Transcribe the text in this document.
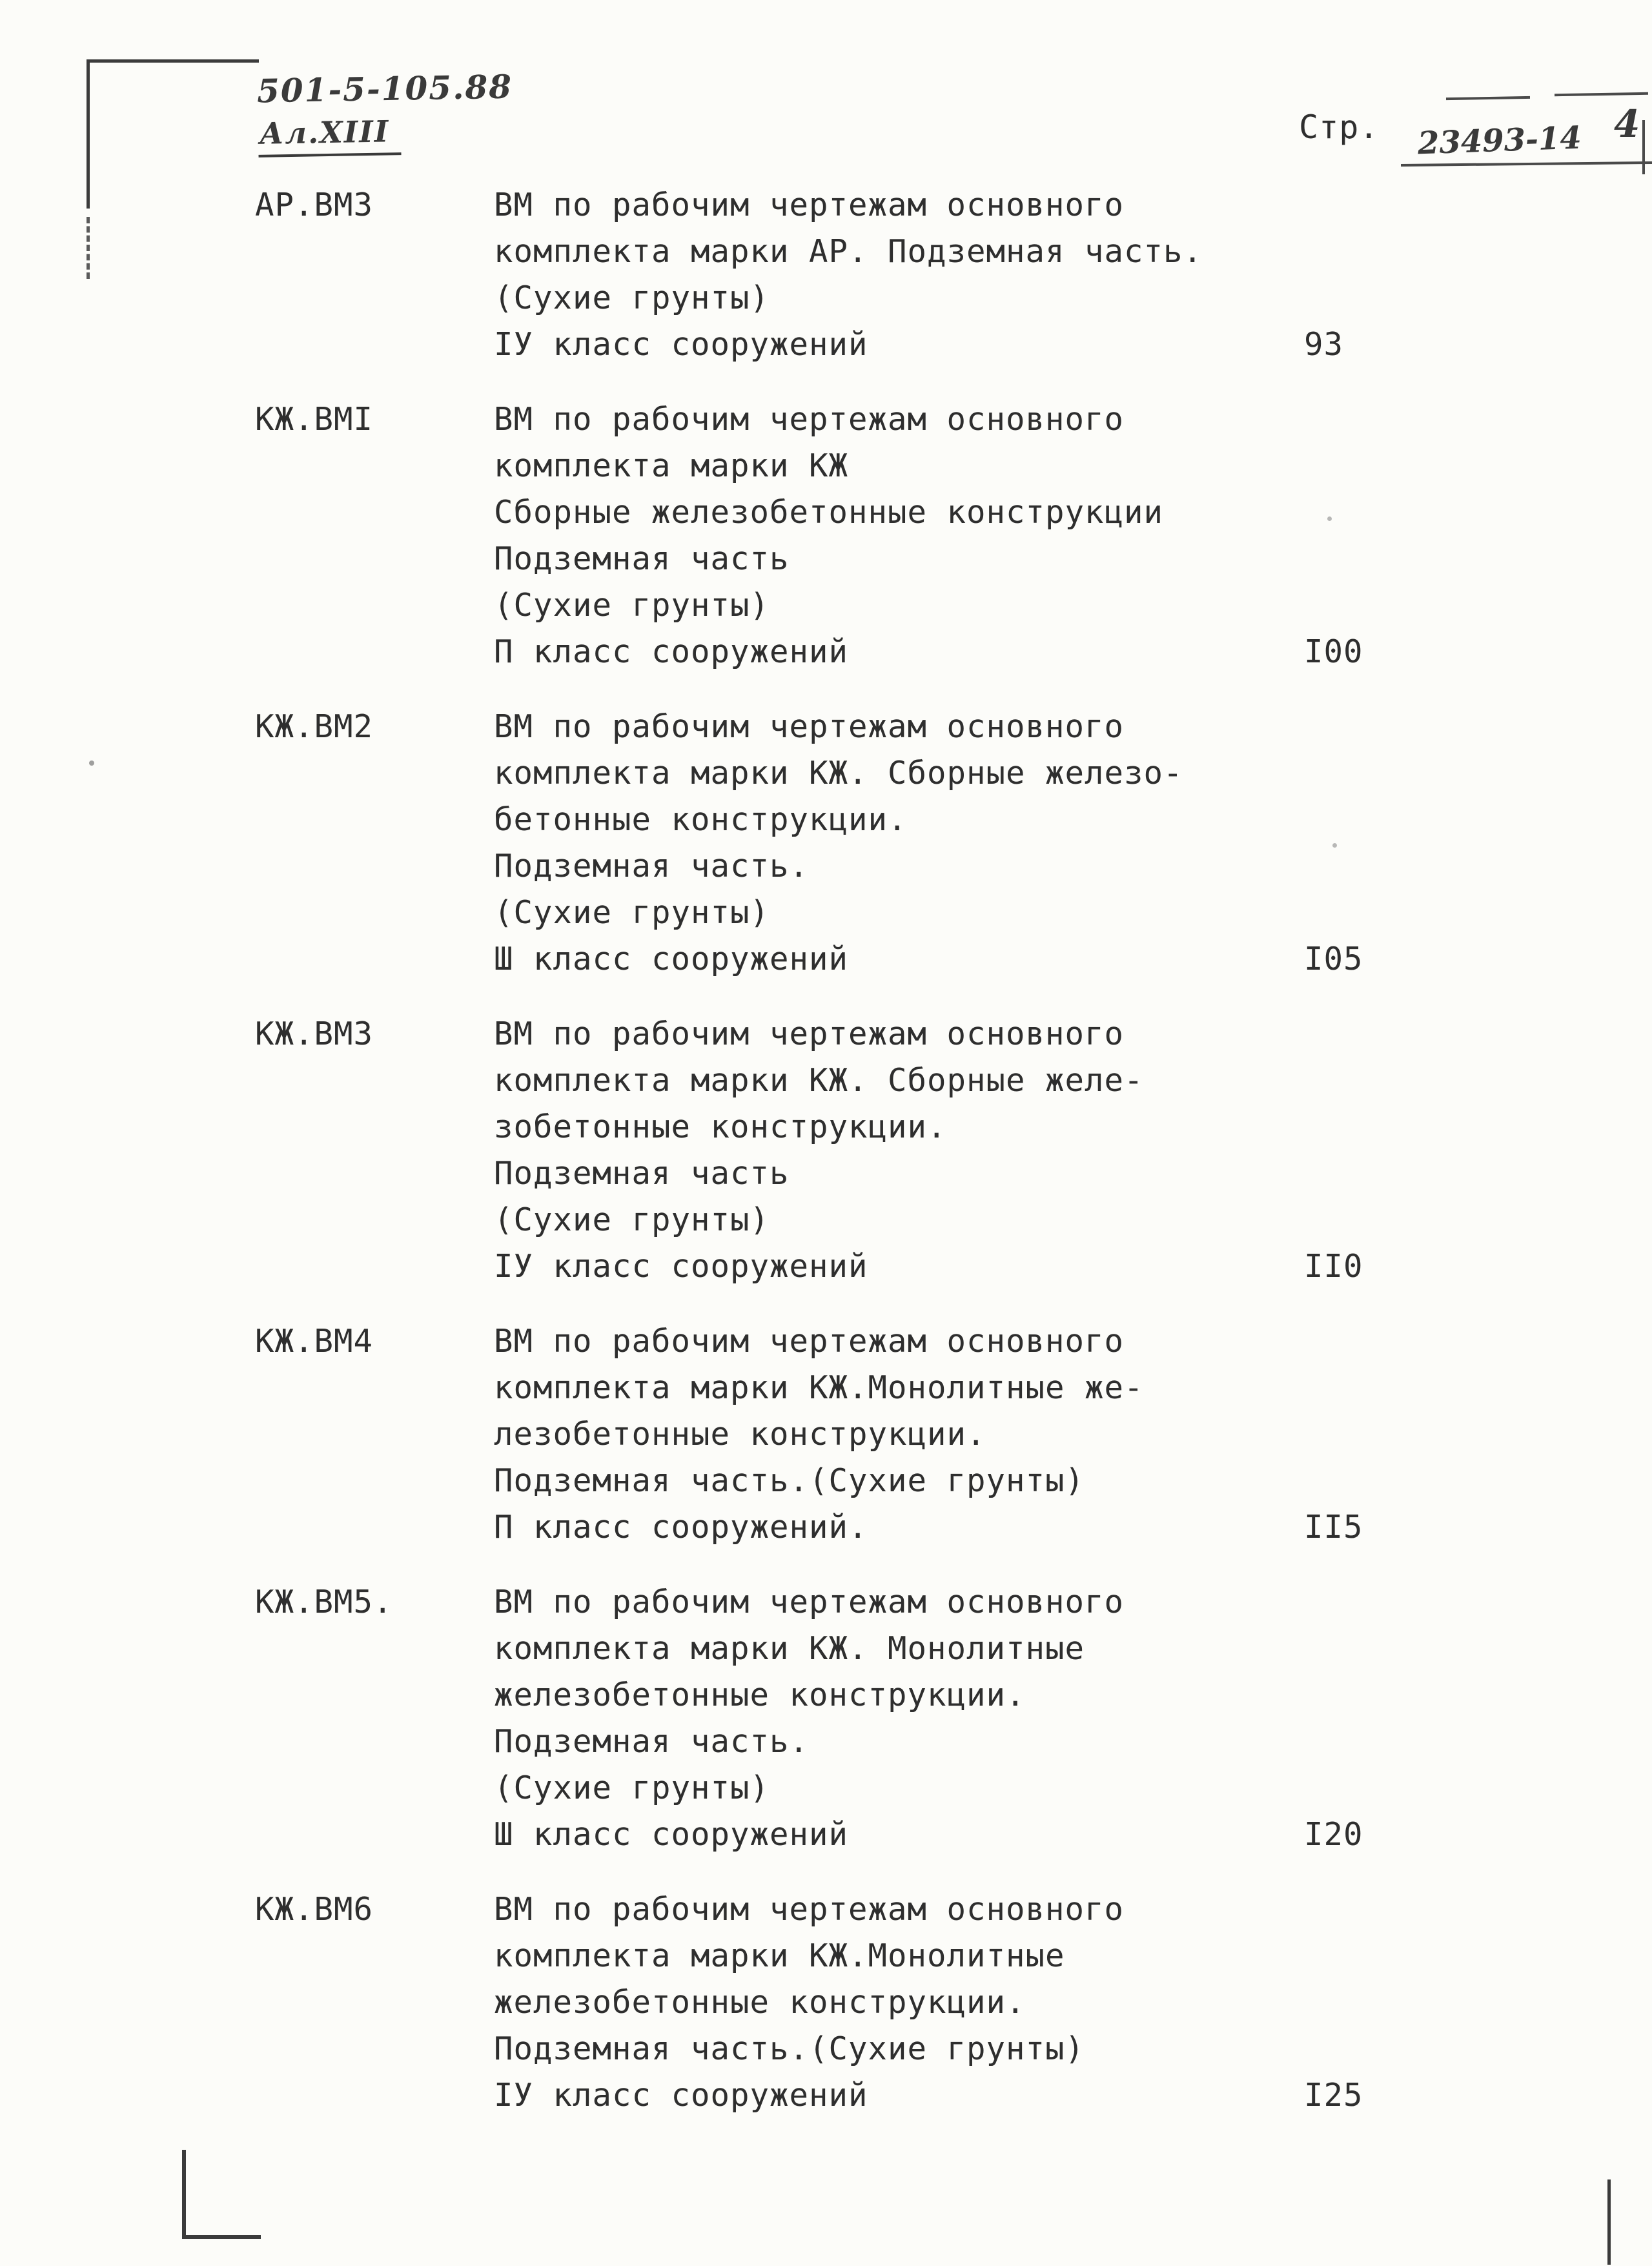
501-5-105.88
Ал.XIII	Стр. 23493-14 4
АР.ВМ3	ВМ по рабочим чертежам основного
комплекта марки АР. Подземная часть.
(Сухие грунты)
IУ класс сооружений	93
КЖ.ВМI	ВМ по рабочим чертежам основного
комплекта марки КЖ
Сборные железобетонные конструкции
Подземная часть
(Сухие грунты)
П класс сооружений	I00
КЖ.ВМ2	ВМ по рабочим чертежам основного
комплекта марки КЖ. Сборные железо-
бетонные конструкции.
Подземная часть.
(Сухие грунты)
Ш класс сооружений	I05
КЖ.ВМ3	ВМ по рабочим чертежам основного
комплекта марки КЖ. Сборные желе-
зобетонные конструкции.
Подземная часть
(Сухие грунты)
IУ класс сооружений	II0
КЖ.ВМ4	ВМ по рабочим чертежам основного
комплекта марки КЖ.Монолитные же-
лезобетонные конструкции.
Подземная часть.(Сухие грунты)
П класс сооружений.	II5
КЖ.ВМ5.	ВМ по рабочим чертежам основного
комплекта марки КЖ. Монолитные
железобетонные конструкции.
Подземная часть.
(Сухие грунты)
Ш класс сооружений	I20
КЖ.ВМ6	ВМ по рабочим чертежам основного
комплекта марки КЖ.Монолитные
железобетонные конструкции.
Подземная часть.(Сухие грунты)
IУ класс сооружений	I25
